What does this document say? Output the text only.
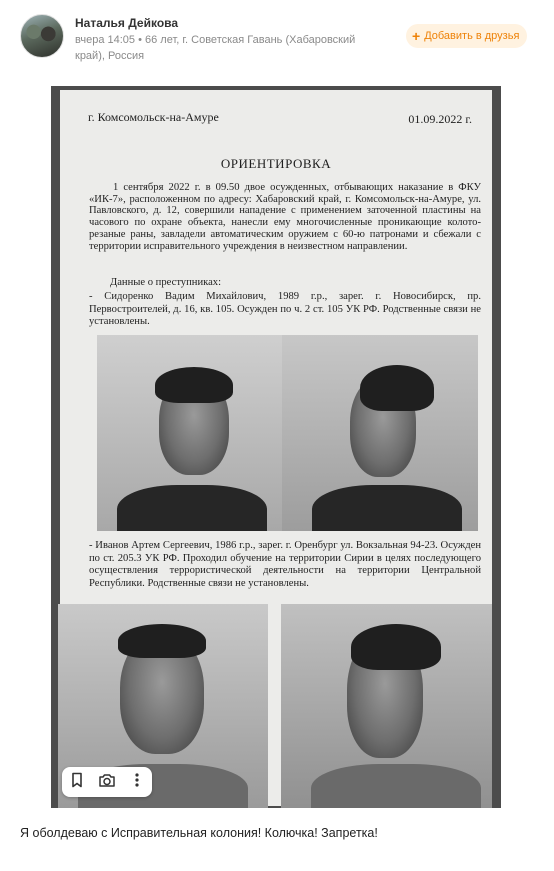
Наталья Дейкова
вчера 14:05 • 66 лет, г. Советская Гавань (Хабаровский край), Россия
+ Добавить в друзья
г. Комсомольск-на-Амуре	01.09.2022 г.
ОРИЕНТИРОВКА

1 сентября 2022 г. в 09.50 двое осужденных, отбывающих наказание в ФКУ «ИК-7», расположенном по адресу: Хабаровский край, г. Комсомольск-на-Амуре, ул. Павловского, д. 12, совершили нападение с применением заточенной пластины на часового по охране объекта, нанесли ему многочисленные проникающие колото-резаные раны, завладели автоматическим оружием с 60-ю патронами и сбежали с территории исправительного учреждения в неизвестном направлении.

Данные о преступниках:
- Сидоренко Вадим Михайлович, 1989 г.р., зарег. г. Новосибирск, пр. Первостроителей, д. 16, кв. 105. Осужден по ч. 2 ст. 105 УК РФ. Родственные связи не установлены.
- Иванов Артем Сергеевич, 1986 г.р., зарег. г. Оренбург ул. Вокзальная 94-23. Осужден по ст. 205.3 УК РФ. Проходил обучение на территории Сирии в целях последующего осуществления террористической деятельности на территории Центральной Республики. Родственные связи не установлены.
Я оболдеваю с Исправительная колония! Колючка! Запретка!
